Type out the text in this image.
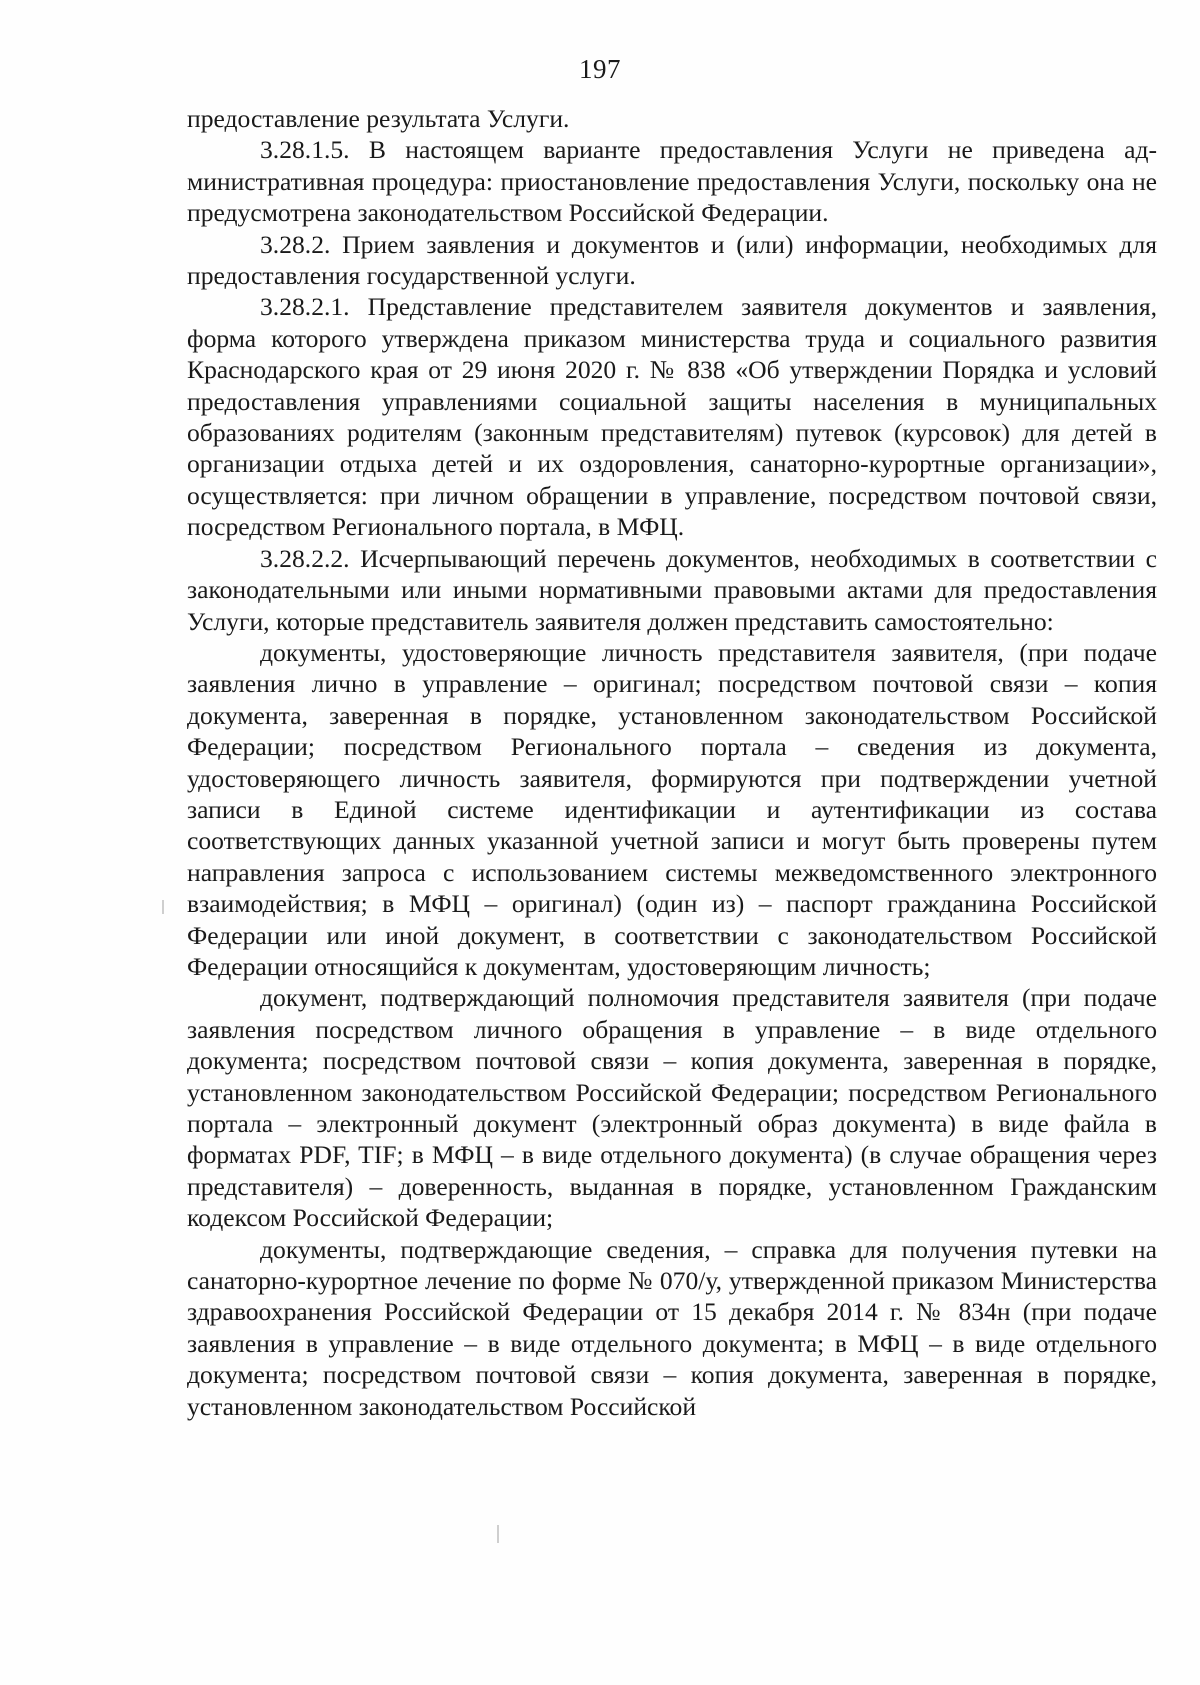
197

предоставление результата Услуги.

3.28.1.5. В настоящем варианте предоставления Услуги не приведена административная процедура: приостановление предоставления Услуги, поскольку она не предусмотрена законодательством Российской Федерации.

3.28.2. Прием заявления и документов и (или) информации, необходимых для предоставления государственной услуги.

3.28.2.1. Представление представителем заявителя документов и заявления, форма которого утверждена приказом министерства труда и социального развития Краснодарского края от 29 июня 2020 г. № 838 «Об утверждении Порядка и условий предоставления управлениями социальной защиты населения в муниципальных образованиях родителям (законным представителям) путевок (курсовок) для детей в организации отдыха детей и их оздоровления, санаторно-курортные организации», осуществляется: при личном обращении в управление, посредством почтовой связи, посредством Регионального портала, в МФЦ.

3.28.2.2. Исчерпывающий перечень документов, необходимых в соответствии с законодательными или иными нормативными правовыми актами для предоставления Услуги, которые представитель заявителя должен представить самостоятельно:

документы, удостоверяющие личность представителя заявителя, (при подаче заявления лично в управление – оригинал; посредством почтовой связи – копия документа, заверенная в порядке, установленном законодательством Российской Федерации; посредством Регионального портала – сведения из документа, удостоверяющего личность заявителя, формируются при подтверждении учетной записи в Единой системе идентификации и аутентификации из состава соответствующих данных указанной учетной записи и могут быть проверены путем направления запроса с использованием системы межведомственного электронного взаимодействия; в МФЦ – оригинал) (один из) – паспорт гражданина Российской Федерации или иной документ, в соответствии с законодательством Российской Федерации относящийся к документам, удостоверяющим личность;

документ, подтверждающий полномочия представителя заявителя (при подаче заявления посредством личного обращения в управление – в виде отдельного документа; посредством почтовой связи – копия документа, заверенная в порядке, установленном законодательством Российской Федерации; посредством Регионального портала – электронный документ (электронный образ документа) в виде файла в форматах PDF, TIF; в МФЦ – в виде отдельного документа) (в случае обращения через представителя) – доверенность, выданная в порядке, установленном Гражданским кодексом Российской Федерации;

документы, подтверждающие сведения, – справка для получения путевки на санаторно-курортное лечение по форме № 070/у, утвержденной приказом Министерства здравоохранения Российской Федерации от 15 декабря 2014 г. № 834н (при подаче заявления в управление – в виде отдельного документа; в МФЦ – в виде отдельного документа; посредством почтовой связи – копия документа, заверенная в порядке, установленном законодательством Российской
